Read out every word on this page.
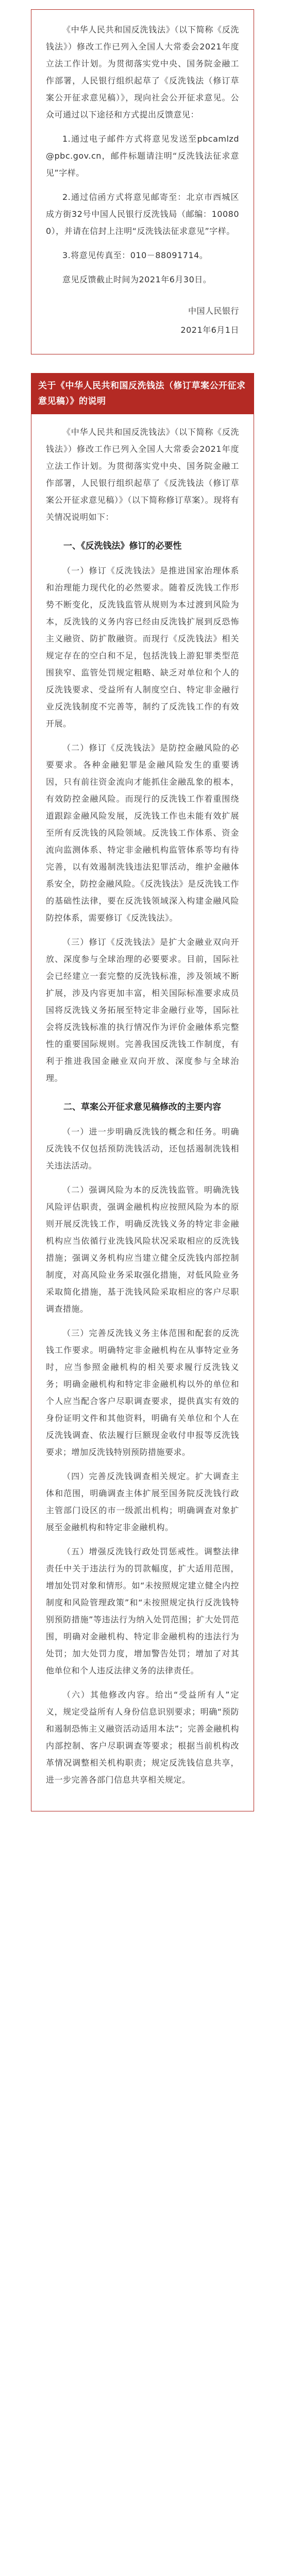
《中华人民共和国反洗钱法》（以下简称《反洗钱法》）修改工作已列入全国人大常委会2021年度立法工作计划。为贯彻落实党中央、国务院金融工作部署，人民银行组织起草了《反洗钱法（修订草案公开征求意见稿）》，现向社会公开征求意见。公众可通过以下途径和方式提出反馈意见：

1.通过电子邮件方式将意见发送至pbcamlzd@pbc.gov.cn，邮件标题请注明“反洗钱法征求意见”字样。

2.通过信函方式将意见邮寄至：北京市西城区成方街32号中国人民银行反洗钱局（邮编：100800），并请在信封上注明“反洗钱法征求意见”字样。

3.将意见传真至：010－88091714。

意见反馈截止时间为2021年6月30日。

中国人民银行

2021年6月1日

关于《中华人民共和国反洗钱法（修订草案公开征求意见稿）》的说明

《中华人民共和国反洗钱法》（以下简称《反洗钱法》）修改工作已列入全国人大常委会2021年度立法工作计划。为贯彻落实党中央、国务院金融工作部署，人民银行组织起草了《反洗钱法（修订草案公开征求意见稿）》（以下简称修订草案）。现将有关情况说明如下：

一、《反洗钱法》修订的必要性

（一）修订《反洗钱法》是推进国家治理体系和治理能力现代化的必然要求。随着反洗钱工作形势不断变化，反洗钱监管从规则为本过渡到风险为本，反洗钱的义务内容已经由反洗钱扩展到反恐怖主义融资、防扩散融资。而现行《反洗钱法》相关规定存在的空白和不足，包括洗钱上游犯罪类型范围狭窄、监管处罚规定粗略、缺乏对单位和个人的反洗钱要求、受益所有人制度空白、特定非金融行业反洗钱制度不完善等，制约了反洗钱工作的有效开展。

（二）修订《反洗钱法》是防控金融风险的必要要求。各种金融犯罪是金融风险发生的重要诱因，只有前往资金流向才能抓住金融乱象的根本，有效防控金融风险。而现行的反洗钱工作着重围绕道跟踪金融风险发展，反洗钱工作也未能有效扩展至所有反洗钱的风险领域。反洗钱工作体系、资金流向监测体系、特定非金融机构监管体系等均有待完善，以有效遏制洗钱违法犯罪活动，维护金融体系安全，防控金融风险。《反洗钱法》是反洗钱工作的基础性法律，要在反洗钱领域深入构建金融风险防控体系，需要修订《反洗钱法》。

（三）修订《反洗钱法》是扩大金融业双向开放、深度参与全球治理的必要要求。目前，国际社会已经建立一套完整的反洗钱标准，涉及领域不断扩展，涉及内容更加丰富，相关国际标准要求成员国将反洗钱义务拓展至特定非金融行业等，国际社会将反洗钱标准的执行情况作为评价金融体系完整性的重要国际规则。完善我国反洗钱工作制度，有利于推进我国金融业双向开放、深度参与全球治理。

二、草案公开征求意见稿修改的主要内容

（一）进一步明确反洗钱的概念和任务。明确反洗钱不仅包括预防洗钱活动，还包括遏制洗钱相关违法活动。

（二）强调风险为本的反洗钱监管。明确洗钱风险评估职责，强调金融机构应按照风险为本的原则开展反洗钱工作，明确反洗钱义务的特定非金融机构应当依循行业洗钱风险状况采取相应的反洗钱措施；强调义务机构应当建立健全反洗钱内部控制制度，对高风险业务采取强化措施，对低风险业务采取简化措施，基于洗钱风险采取相应的客户尽职调查措施。

（三）完善反洗钱义务主体范围和配套的反洗钱工作要求。明确特定非金融机构在从事特定业务时，应当参照金融机构的相关要求履行反洗钱义务；明确金融机构和特定非金融机构以外的单位和个人应当配合客户尽职调查要求，提供真实有效的身份证明文件和其他资料，明确有关单位和个人在反洗钱调查、依法履行巨额现金收付申报等反洗钱要求；增加反洗钱特别预防措施要求。

（四）完善反洗钱调查相关规定。扩大调查主体和范围，明确调查主体扩展至国务院反洗钱行政主管部门设区的市一级派出机构；明确调查对象扩展至金融机构和特定非金融机构。

（五）增强反洗钱行政处罚惩戒性。调整法律责任中关于违法行为的罚款幅度，扩大适用范围，增加处罚对象和情形。如“未按照规定建立健全内控制度和风险管理政策”和“未按照规定执行反洗钱特别预防措施”等违法行为纳入处罚范围；扩大处罚范围，明确对金融机构、特定非金融机构的违法行为处罚；加大处罚力度，增加警告处罚；增加了对其他单位和个人违反法律义务的法律责任。

（六）其他修改内容。给出“受益所有人”定义，规定受益所有人身份信息识别要求；明确“预防和遏制恐怖主义融资活动适用本法”；完善金融机构内部控制、客户尽职调查等要求；根据当前机构改革情况调整相关机构职责；规定反洗钱信息共享，进一步完善各部门信息共享相关规定。
